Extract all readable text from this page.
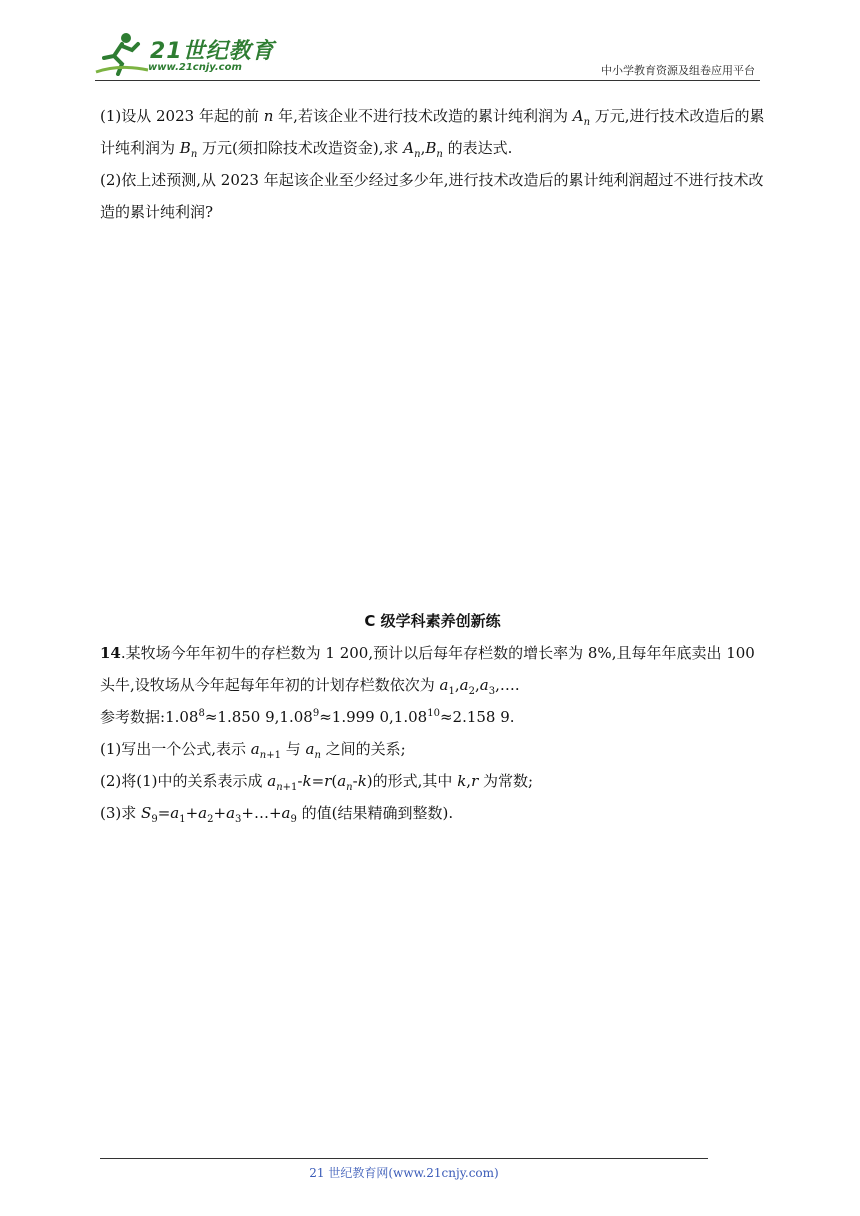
21世纪教育
www.21cnjy.com	中小学教育资源及组卷应用平台

(1)设从 2023 年起的前 n 年,若该企业不进行技术改造的累计纯利润为 $A_n$ 万元,进行技术改造后的累计纯利润为 $B_n$ 万元(须扣除技术改造资金),求 $A_n,B_n$ 的表达式.

(2)依上述预测,从 2023 年起该企业至少经过多少年,进行技术改造后的累计纯利润超过不进行技术改造的累计纯利润?

C 级学科素养创新练

14.某牧场今年年初牛的存栏数为 1 200,预计以后每年存栏数的增长率为 8%,且每年年底卖出 100 头牛,设牧场从今年起每年年初的计划存栏数依次为 $a_1,a_2,a_3,\dots$.

参考数据$:1.08^8\approx 1.850$ $9,1.08^9\approx 1.999$ $0,1.08^{10}\approx 2.158$ 9.

(1)写出一个公式,表示 $a_{n+1}$ 与 $a_n$ 之间的关系;

(2)将(1)中的关系表示成 $a_{n+1}-k=r(a_n-k)$的形式,其中 k,r 为常数;

(3)求 $S_9=a_1+a_2+a_3+\dots+a_9$ 的值(结果精确到整数).

21 世纪教育网(www.21cnjy.com)
